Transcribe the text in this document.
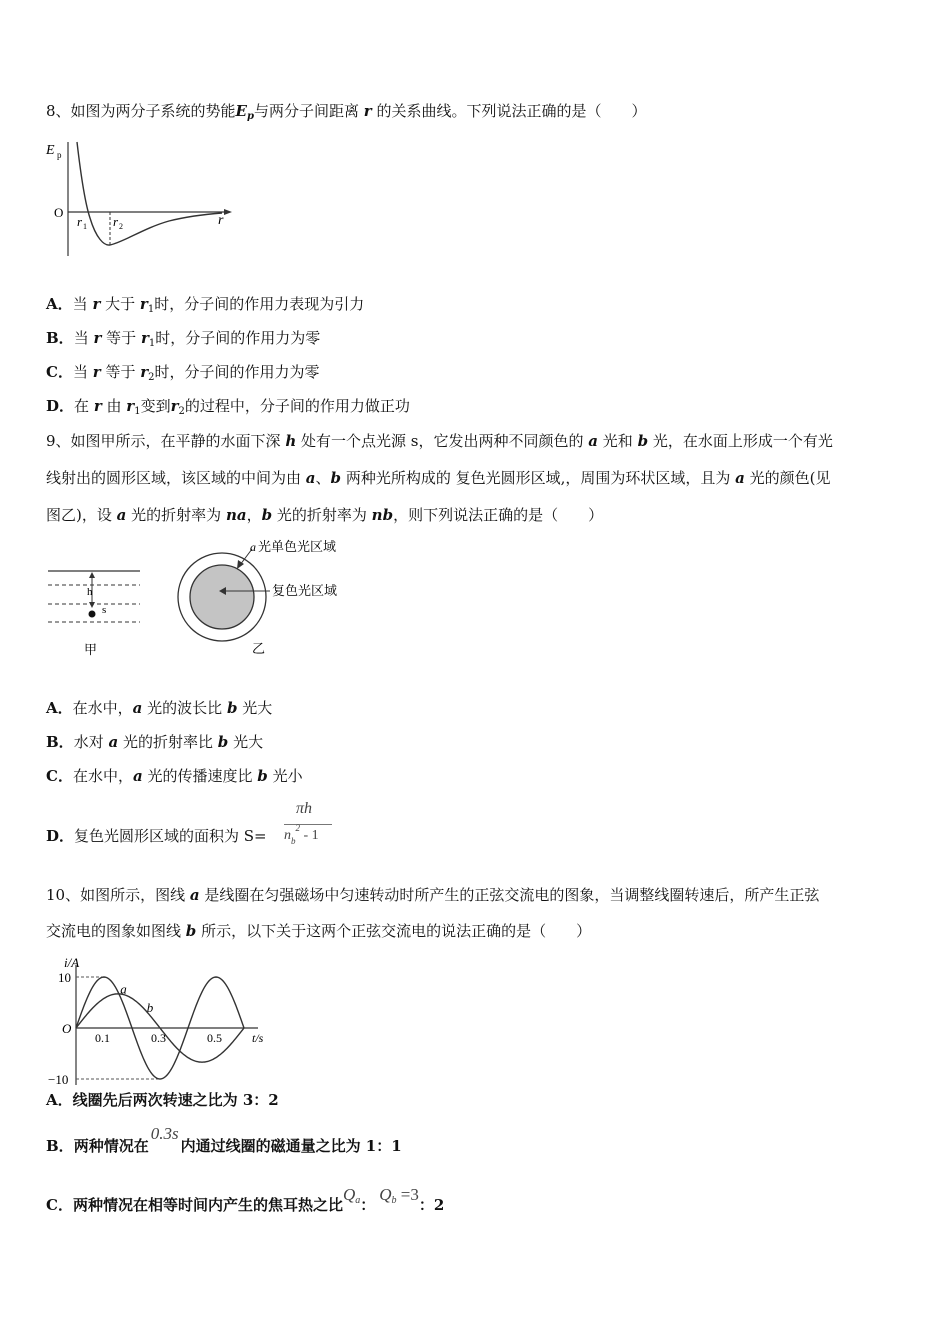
8、如图为两分子系统的势能$E_p$与两分子间距离 r 的关系曲线。下列说法正确的是（　　）
E p
O
r 1 r 2	r
A．当 r 大于 $r_1$时，分子间的作用力表现为引力
B．当 r 等于 $r_1$时，分子间的作用力为零
C．当 r 等于 $r_2$时，分子间的作用力为零
D．在 r 由 $r_1$变到$r_2$的过程中，分子间的作用力做正功
9、如图甲所示，在平静的水面下深 h 处有一个点光源 s，它发出两种不同颜色的 a 光和 b 光，在水面上形成一个有光
线射出的圆形区域，该区域的中间为由 a、b 两种光所构成的 复色光圆形区域,，周围为环状区域，且为 a 光的颜色(见
图乙)，设 a 光的折射率为 na，b 光的折射率为 nb，则下列说法正确的是（　　）
h
s
甲	乙
a 光单色光区域
复色光区域
A．在水中，a 光的波长比 b 光大
B．水对 a 光的折射率比 b 光大
C．在水中，a 光的传播速度比 b 光小
D．复色光圆形区域的面积为 S=
πh
$n_b^2 - 1$
10、如图所示，图线 a 是线圈在匀强磁场中匀速转动时所产生的正弦交流电的图象，当调整线圈转速后，所产生正弦
交流电的图象如图线 b 所示，以下关于这两个正弦交流电的说法正确的是（　　）
i/A
t/s
10
O
−10
0.1	0.3	0.5
a
b
A．线圈先后两次转速之比为 3：2
B．两种情况在0.3s内通过线圈的磁通量之比为 1：1
C．两种情况在相等时间内产生的焦耳热之比$Q_a$：$Q_b =3$：2
